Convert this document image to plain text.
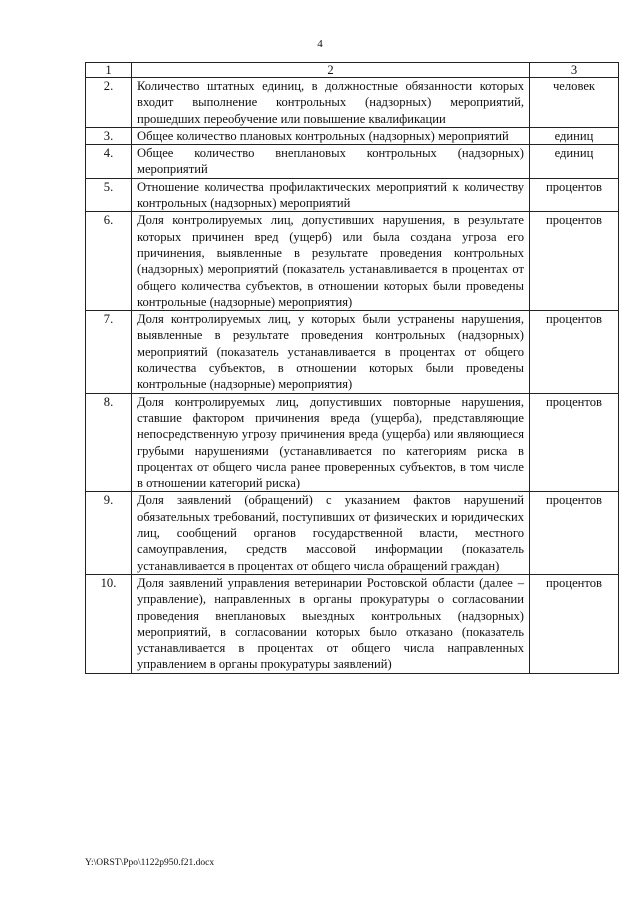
4
1	2	3
2.	Количество штатных единиц, в должностные обязанности которых входит выполнение контрольных (надзорных) мероприятий, прошедших переобучение или повышение квалификации	человек
3.	Общее количество плановых контрольных (надзорных) мероприятий	единиц
4.	Общее количество внеплановых контрольных (надзорных) мероприятий	единиц
5.	Отношение количества профилактических мероприятий к количеству контрольных (надзорных) мероприятий	процентов
6.	Доля контролируемых лиц, допустивших нарушения, в результате которых причинен вред (ущерб) или была создана угроза его причинения, выявленные в результате проведения контрольных (надзорных) мероприятий (показатель устанавливается в процентах от общего количества субъектов, в отношении которых были проведены контрольные (надзорные) мероприятия)	процентов
7.	Доля контролируемых лиц, у которых были устранены нарушения, выявленные в результате проведения контрольных (надзорных) мероприятий (показатель устанавливается в процентах от общего количества субъектов, в отношении которых были проведены контрольные (надзорные) мероприятия)	процентов
8.	Доля контролируемых лиц, допустивших повторные нарушения, ставшие фактором причинения вреда (ущерба), представляющие непосредственную угрозу причинения вреда (ущерба) или являющиеся грубыми нарушениями (устанавливается по категориям риска в процентах от общего числа ранее проверенных субъектов, в том числе в отношении категорий риска)	процентов
9.	Доля заявлений (обращений) с указанием фактов нарушений обязательных требований, поступивших от физических и юридических лиц, сообщений органов государственной власти, местного самоуправления, средств массовой информации (показатель устанавливается в процентах от общего числа обращений граждан)	процентов
10.	Доля заявлений управления ветеринарии Ростовской области (далее – управление), направленных в органы прокуратуры о согласовании проведения внеплановых выездных контрольных (надзорных) мероприятий, в согласовании которых было отказано (показатель устанавливается в процентах от общего числа направленных управлением в органы прокуратуры заявлений)	процентов
Y:\ORST\Ppo\1122p950.f21.docx
